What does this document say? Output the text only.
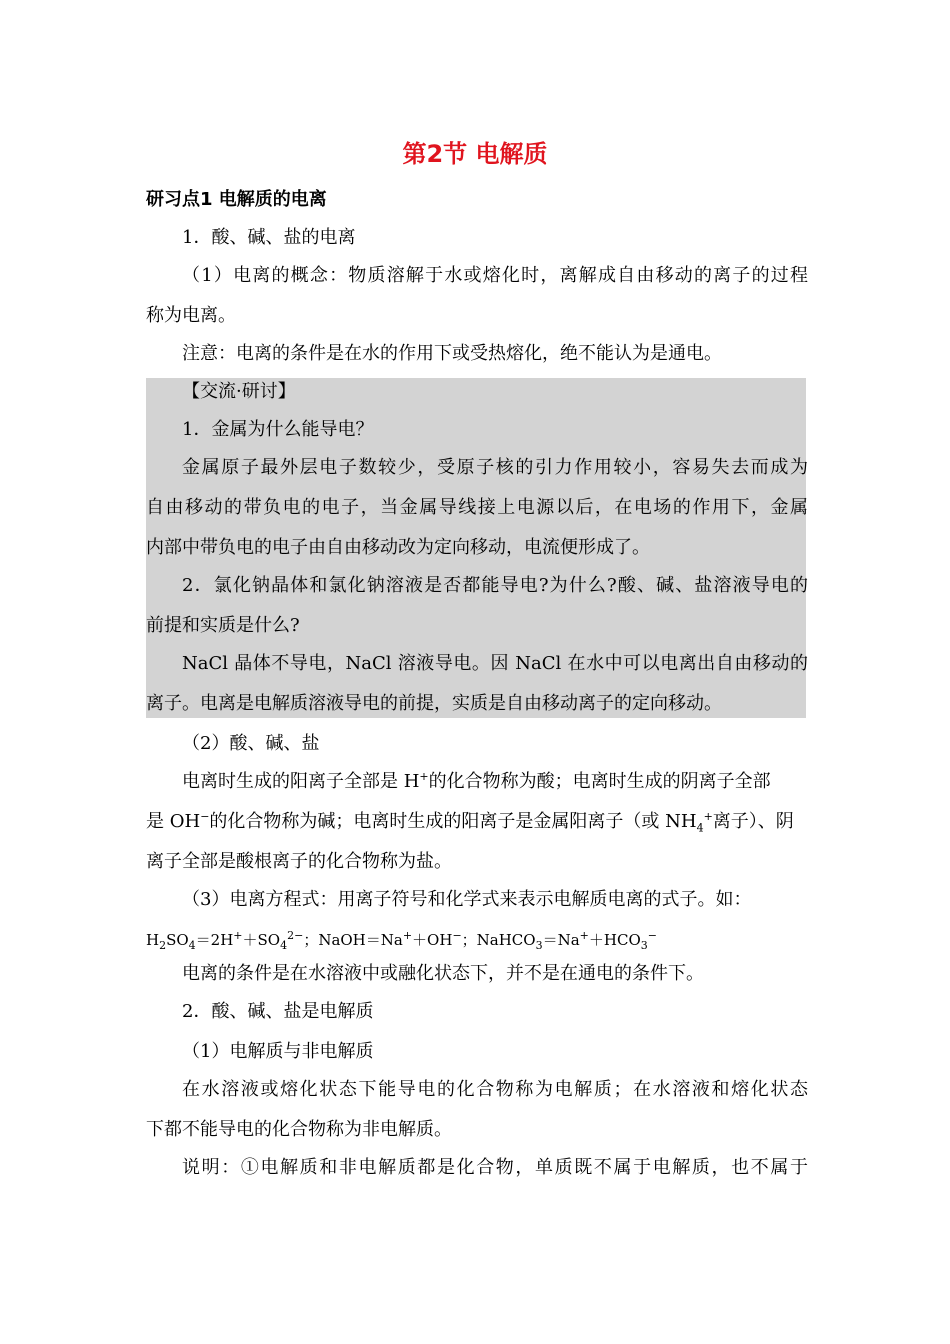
第2节 电解质
研习点1 电解质的电离
1．酸、碱、盐的电离
（1）电离的概念：物质溶解于水或熔化时，离解成自由移动的离子的过程
称为电离。
注意：电离的条件是在水的作用下或受热熔化，绝不能认为是通电。
【交流·研讨】
1．金属为什么能导电？
金属原子最外层电子数较少，受原子核的引力作用较小，容易失去而成为
自由移动的带负电的电子，当金属导线接上电源以后，在电场的作用下，金属
内部中带负电的电子由自由移动改为定向移动，电流便形成了。
2．氯化钠晶体和氯化钠溶液是否都能导电?为什么?酸、碱、盐溶液导电的
前提和实质是什么?
NaCl 晶体不导电，NaCl 溶液导电。因 NaCl 在水中可以电离出自由移动的
离子。电离是电解质溶液导电的前提，实质是自由移动离子的定向移动。
（2）酸、碱、盐
电离时生成的阳离子全部是 H+的化合物称为酸；电离时生成的阴离子全部
是 OH−的化合物称为碱；电离时生成的阳离子是金属阳离子（或 $NH_4^+$离子）、阴
离子全部是酸根离子的化合物称为盐。
（3）电离方程式：用离子符号和化学式来表示电解质电离的式子。如：
$H_2SO_4=2H^++SO_4^{2-}$；NaOH＝Na+＋OH−；$NaHCO_3=Na^++HCO_3^-$
电离的条件是在水溶液中或融化状态下，并不是在通电的条件下。
2．酸、碱、盐是电解质
（1）电解质与非电解质
在水溶液或熔化状态下能导电的化合物称为电解质；在水溶液和熔化状态
下都不能导电的化合物称为非电解质。
说明：①电解质和非电解质都是化合物，单质既不属于电解质，也不属于
